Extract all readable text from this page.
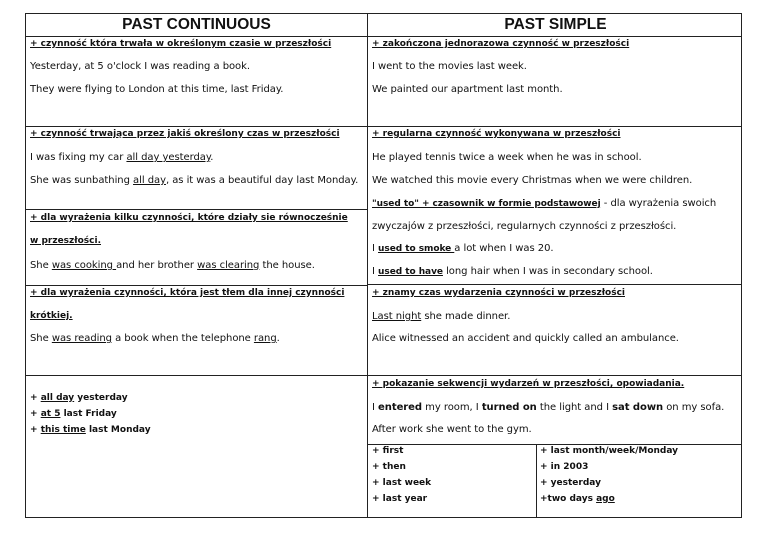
PAST CONTINUOUS	PAST SIMPLE
+ czynność która trwała w określonym czasie w przeszłości
Yesterday, at 5 o'clock I was reading a book.
They were flying to London at this time, last Friday.
+ czynność trwająca przez jakiś określony czas w przeszłości
I was fixing my car all day yesterday.
She was sunbathing all day, as it was a beautiful day last Monday.
+ dla wyrażenia kilku czynności, które działy sie równocześnie
w przeszłości.
She was cooking and her brother was clearing the house.
+ dla wyrażenia czynności, która jest tłem dla innej czynności
krótkiej.
She was reading a book when the telephone rang.
+ all day yesterday
+ at 5 last Friday
+ this time last Monday
+ zakończona jednorazowa czynność w przeszłości
I went to the movies last week.
We painted our apartment last month.
+ regularna czynność wykonywana w przeszłości
He played tennis twice a week when he was in school.
We watched this movie every Christmas when we were children.
"used to" + czasownik w formie podstawowej - dla wyrażenia swoich
zwyczajów z przeszłości, regularnych czynności z przeszłości.
I used to smoke a lot when I was 20.
I used to have long hair when I was in secondary school.
+ znamy czas wydarzenia czynności w przeszłości
Last night she made dinner.
Alice witnessed an accident and quickly called an ambulance.
+ pokazanie sekwencji wydarzeń w przeszłości, opowiadania.
I entered my room, I turned on the light and I sat down on my sofa.
After work she went to the gym.
+ first
+ then
+ last week
+ last year
+ last month/week/Monday
+ in 2003
+ yesterday
+two days ago
